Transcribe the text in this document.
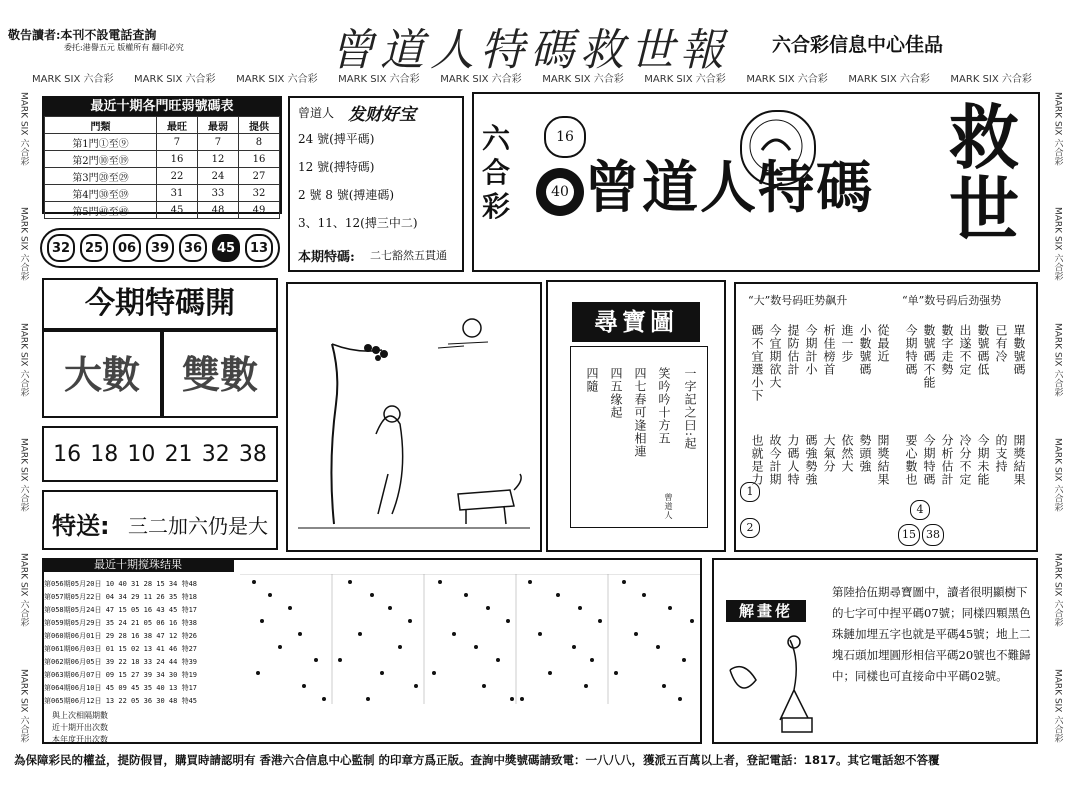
敬告讀者:本刊不設電話查詢
委托:港譽五元 版權所有 翻印必究	曾道人特碼救世報 六合彩信息中心佳品
MARK SIX 六合彩 MARK SIX 六合彩 MARK SIX 六合彩 MARK SIX 六合彩 MARK SIX 六合彩 MARK SIX 六合彩 MARK SIX 六合彩 MARK SIX 六合彩 MARK SIX 六合彩 MARK SIX 六合彩
MARK SIX 六合彩
MARK SIX 六合彩
MARK SIX 六合彩
MARK SIX 六合彩
MARK SIX 六合彩
MARK SIX 六合彩
MARK SIX 六合彩
MARK SIX 六合彩
MARK SIX 六合彩
MARK SIX 六合彩
MARK SIX 六合彩
MARK SIX 六合彩
最近十期各門旺弱號碼表
門類	最旺	最弱	提供
第1門①至⑨	7	7	8
第2門⑩至⑲	16	12	16
第3門⑳至㉙	22	24	27
第4門㉚至㊴	31	33	32
第5門㊵至㊾	45	48	49
32	25	06	39	36	45	13
曾道人 发财好宝
24 號(搏平碼)
12 號(搏特碼)
2 號 8 號(搏連碼)
3、11、12(搏三中二)
本期特碼: 二七豁然五貫通
六合彩
16
40 曾道人特碼
救世
今期特碼開
大數	雙數
16 18 10 21 32 38
特送: 三二加六仍是大
尋寶圖
一字記之曰:起
笑吟吟十方五
四七春可逢相連
四五缘起
四隨
曾道人
“大”数号码旺势飙升	“单”数号码后劲强势
碼不宜選小下 今宜期欲大 提防估計 今期計小 析佳榜首 進一步 小數號碼 從最近 今期特碼 數號碼不能 數字走勢 出遂不定 數號碼低 已有冷 單數號碼
也就是力 故今計期 力碼人特 碼強勢強 大氣分 依然大 勢頭強 開獎結果 要心數也 今期特碼 分析估計 冷分不定 今期未能 的支持 開獎結果
1
2
4
15 38
最近十期搅珠结果
第056期05月20日 10 40 31 28 15 34 特48
第057期05月22日 04 34 29 11 26 35 特18
第058期05月24日 47 15 05 16 43 45 特17
第059期05月29日 35 24 21 05 06 16 特38
第060期06月01日 29 28 16 38 47 12 特26
第061期06月03日 01 15 02 13 41 46 特27
第062期06月05日 39 22 18 33 24 44 特39
第063期06月07日 09 15 27 39 34 30 特19
第064期06月10日 45 09 45 35 40 13 特17
第065期06月12日 13 22 05 36 30 48 特45
與上次相隔期數
近十期开出次数
本年度开出次数
解畫佬
第陸拾伍期尋寶圖中，讀者很明顯樹下的七字可中捏平碼07號；同樣四顆黑色珠鏈加埋五字也就是平碼45號；地上二塊石頭加埋圓形相信平碼20號也不難歸中；同樣也可直接命中平碼02號。
為保障彩民的權益，提防假冒，購買時請認明有 香港六合信息中心監制 的印章方爲正版。查詢中獎號碼請致電：一八八八，獲派五百萬以上者，登記電話：1817。其它電話恕不答覆
